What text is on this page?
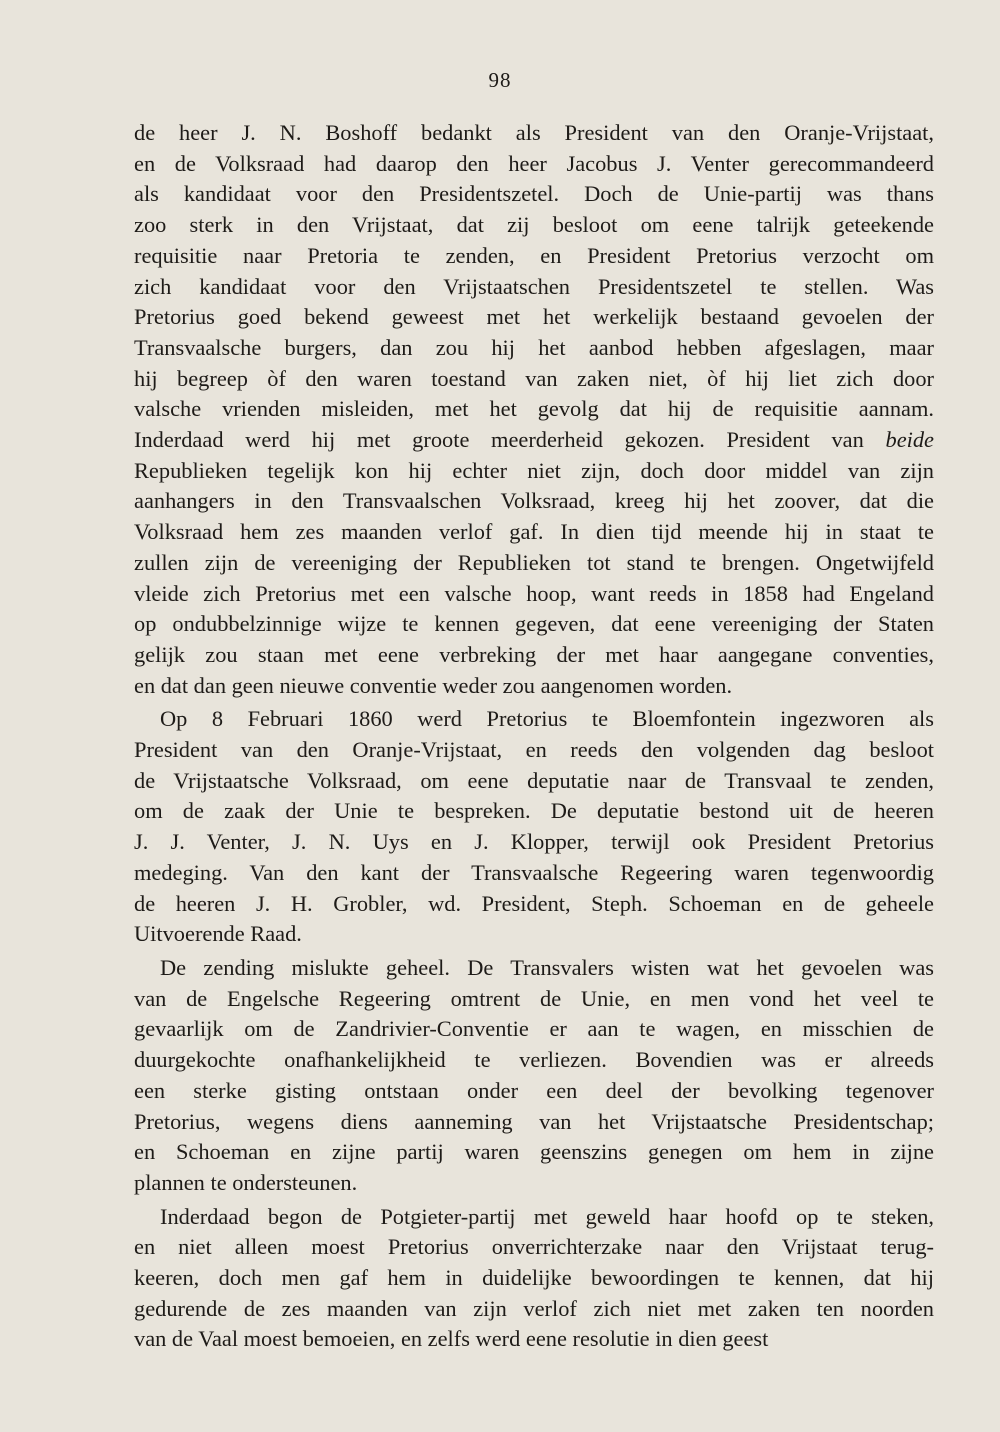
98
de heer J. N. Boshoff bedankt als President van den Oranje-Vrijstaat,
en de Volksraad had daarop den heer Jacobus J. Venter gerecommandeerd
als kandidaat voor den Presidentszetel. Doch de Unie-partij was thans
zoo sterk in den Vrijstaat, dat zij besloot om eene talrijk geteekende
requisitie naar Pretoria te zenden, en President Pretorius verzocht om
zich kandidaat voor den Vrijstaatschen Presidentszetel te stellen. Was
Pretorius goed bekend geweest met het werkelijk bestaand gevoelen der
Transvaalsche burgers, dan zou hij het aanbod hebben afgeslagen, maar
hij begreep òf den waren toestand van zaken niet, òf hij liet zich door
valsche vrienden misleiden, met het gevolg dat hij de requisitie aannam.
Inderdaad werd hij met groote meerderheid gekozen. President van beide
Republieken tegelijk kon hij echter niet zijn, doch door middel van zijn
aanhangers in den Transvaalschen Volksraad, kreeg hij het zoover, dat die
Volksraad hem zes maanden verlof gaf. In dien tijd meende hij in staat te
zullen zijn de vereeniging der Republieken tot stand te brengen. Ongetwijfeld
vleide zich Pretorius met een valsche hoop, want reeds in 1858 had Engeland
op ondubbelzinnige wijze te kennen gegeven, dat eene vereeniging der Staten
gelijk zou staan met eene verbreking der met haar aangegane conventies,
en dat dan geen nieuwe conventie weder zou aangenomen worden.
Op 8 Februari 1860 werd Pretorius te Bloemfontein ingezworen als
President van den Oranje-Vrijstaat, en reeds den volgenden dag besloot
de Vrijstaatsche Volksraad, om eene deputatie naar de Transvaal te zenden,
om de zaak der Unie te bespreken. De deputatie bestond uit de heeren
J. J. Venter, J. N. Uys en J. Klopper, terwijl ook President Pretorius
medeging. Van den kant der Transvaalsche Regeering waren tegenwoordig
de heeren J. H. Grobler, wd. President, Steph. Schoeman en de geheele
Uitvoerende Raad.
De zending mislukte geheel. De Transvalers wisten wat het gevoelen was
van de Engelsche Regeering omtrent de Unie, en men vond het veel te
gevaarlijk om de Zandrivier-Conventie er aan te wagen, en misschien de
duurgekochte onafhankelijkheid te verliezen. Bovendien was er alreeds
een sterke gisting ontstaan onder een deel der bevolking tegenover
Pretorius, wegens diens aanneming van het Vrijstaatsche Presidentschap;
en Schoeman en zijne partij waren geenszins genegen om hem in zijne
plannen te ondersteunen.
Inderdaad begon de Potgieter-partij met geweld haar hoofd op te steken,
en niet alleen moest Pretorius onverrichterzake naar den Vrijstaat terug-
keeren, doch men gaf hem in duidelijke bewoordingen te kennen, dat hij
gedurende de zes maanden van zijn verlof zich niet met zaken ten noorden
van de Vaal moest bemoeien, en zelfs werd eene resolutie in dien geest
